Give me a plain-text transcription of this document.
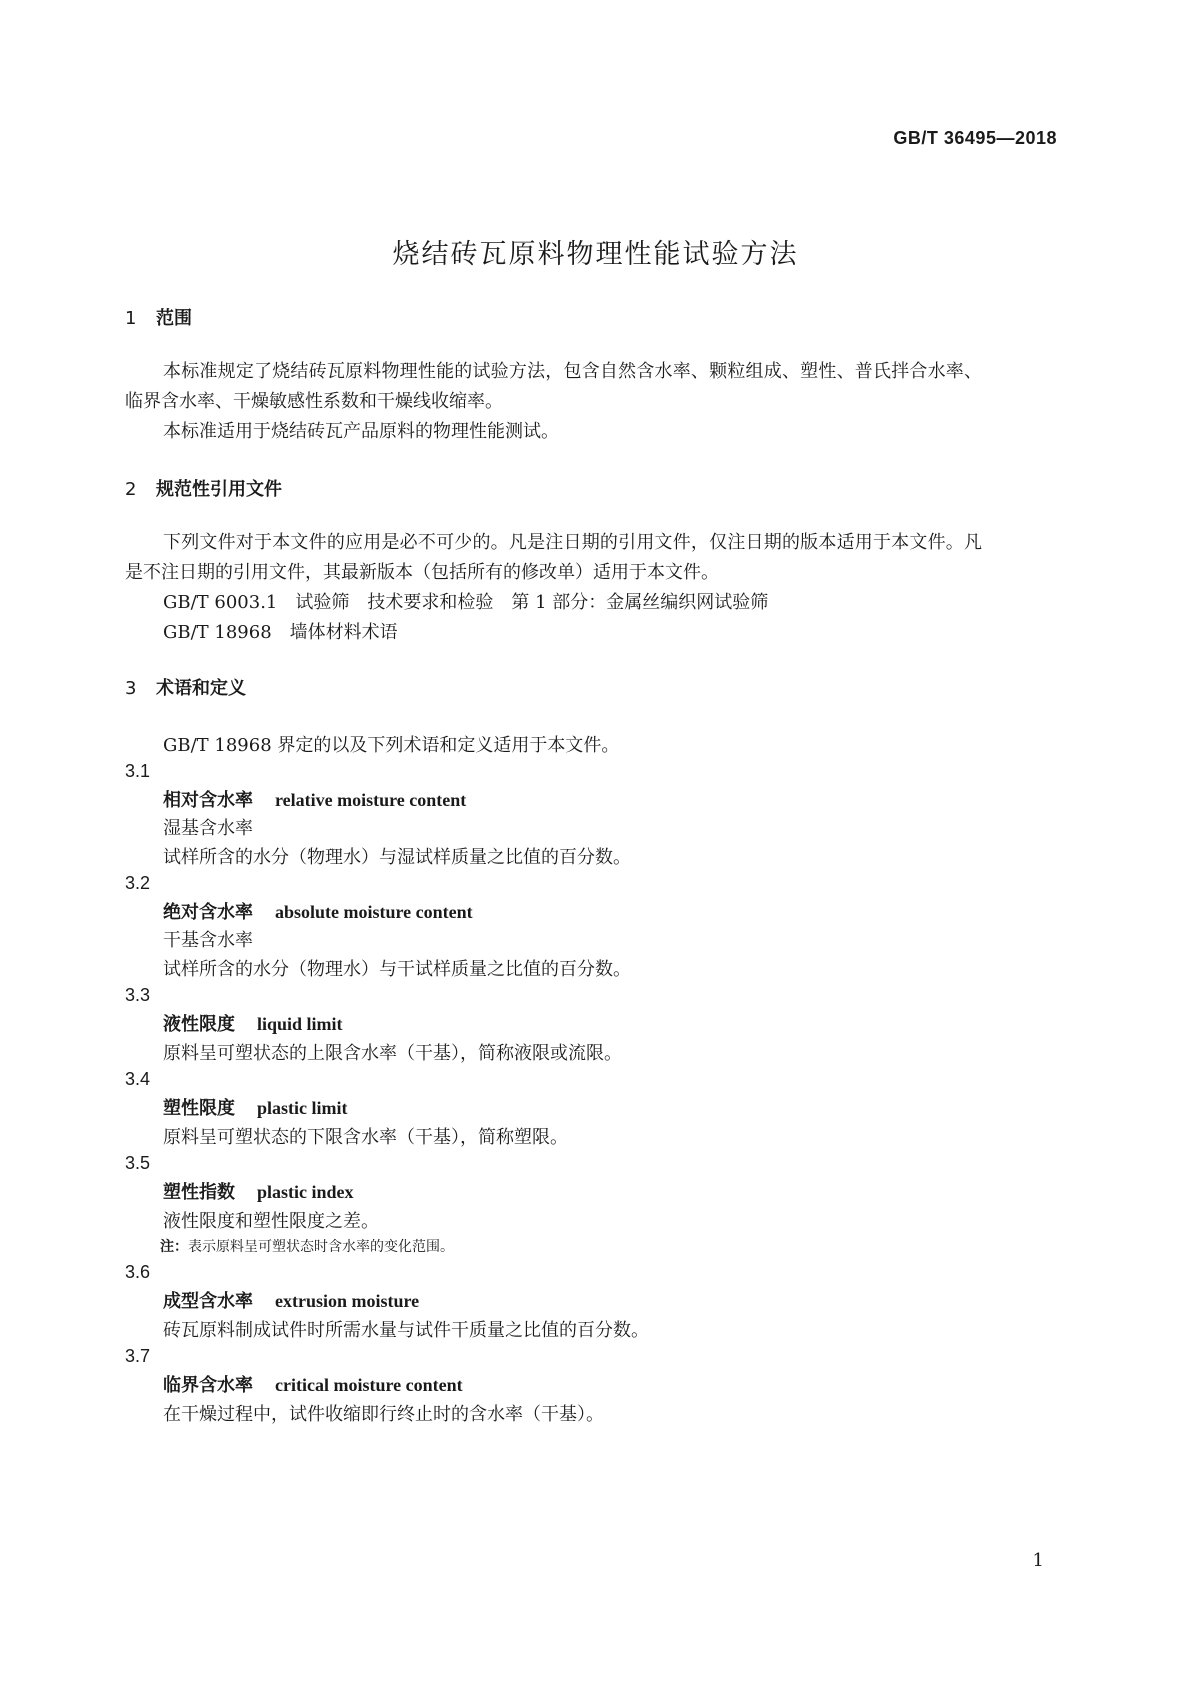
GB/T 36495—2018
烧结砖瓦原料物理性能试验方法
1 范围
本标准规定了烧结砖瓦原料物理性能的试验方法，包含自然含水率、颗粒组成、塑性、普氏拌合水率、临界含水率、干燥敏感性系数和干燥线收缩率。
本标准适用于烧结砖瓦产品原料的物理性能测试。
2 规范性引用文件
下列文件对于本文件的应用是必不可少的。凡是注日期的引用文件，仅注日期的版本适用于本文件。凡是不注日期的引用文件，其最新版本（包括所有的修改单）适用于本文件。
GB/T 6003.1　试验筛　技术要求和检验　第 1 部分：金属丝编织网试验筛
GB/T 18968　墙体材料术语
3 术语和定义
GB/T 18968 界定的以及下列术语和定义适用于本文件。
3.1
相对含水率 relative moisture content
湿基含水率
试样所含的水分（物理水）与湿试样质量之比值的百分数。
3.2
绝对含水率 absolute moisture content
干基含水率
试样所含的水分（物理水）与干试样质量之比值的百分数。
3.3
液性限度 liquid limit
原料呈可塑状态的上限含水率（干基），简称液限或流限。
3.4
塑性限度 plastic limit
原料呈可塑状态的下限含水率（干基），简称塑限。
3.5
塑性指数 plastic index
液性限度和塑性限度之差。
注：表示原料呈可塑状态时含水率的变化范围。
3.6
成型含水率 extrusion moisture
砖瓦原料制成试件时所需水量与试件干质量之比值的百分数。
3.7
临界含水率 critical moisture content
在干燥过程中，试件收缩即行终止时的含水率（干基）。
1
